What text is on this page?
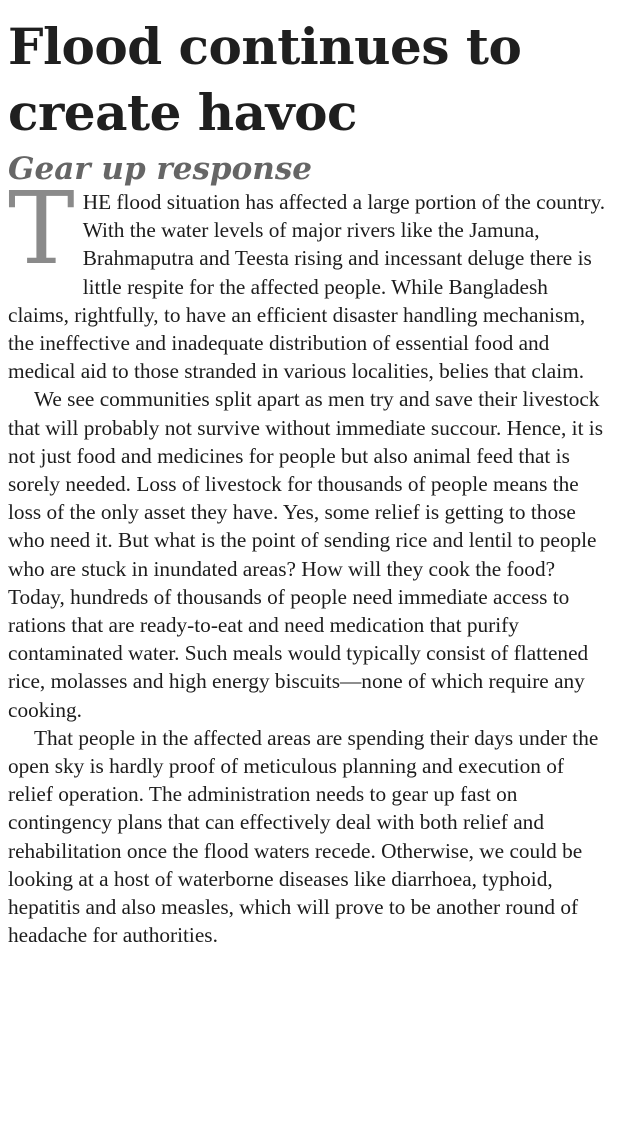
Flood continues to
create havoc
Gear up response

THE flood situation has affected a large portion of the country. With the water levels of major rivers like the Jamuna, Brahmaputra and Teesta rising and incessant deluge there is little respite for the affected people. While Bangladesh claims, rightfully, to have an efficient disaster handling mechanism, the ineffective and inadequate distribution of essential food and medical aid to those stranded in various localities, belies that claim.

We see communities split apart as men try and save their livestock that will probably not survive without immediate succour. Hence, it is not just food and medicines for people but also animal feed that is sorely needed. Loss of livestock for thousands of people means the loss of the only asset they have. Yes, some relief is getting to those who need it. But what is the point of sending rice and lentil to people who are stuck in inundated areas? How will they cook the food? Today, hundreds of thousands of people need immediate access to rations that are ready-to-eat and need medication that purify contaminated water. Such meals would typically consist of flattened rice, molasses and high energy biscuits—none of which require any cooking.

That people in the affected areas are spending their days under the open sky is hardly proof of meticulous planning and execution of relief operation. The administration needs to gear up fast on contingency plans that can effectively deal with both relief and rehabilitation once the flood waters recede. Otherwise, we could be looking at a host of waterborne diseases like diarrhoea, typhoid, hepatitis and also measles, which will prove to be another round of headache for authorities.
